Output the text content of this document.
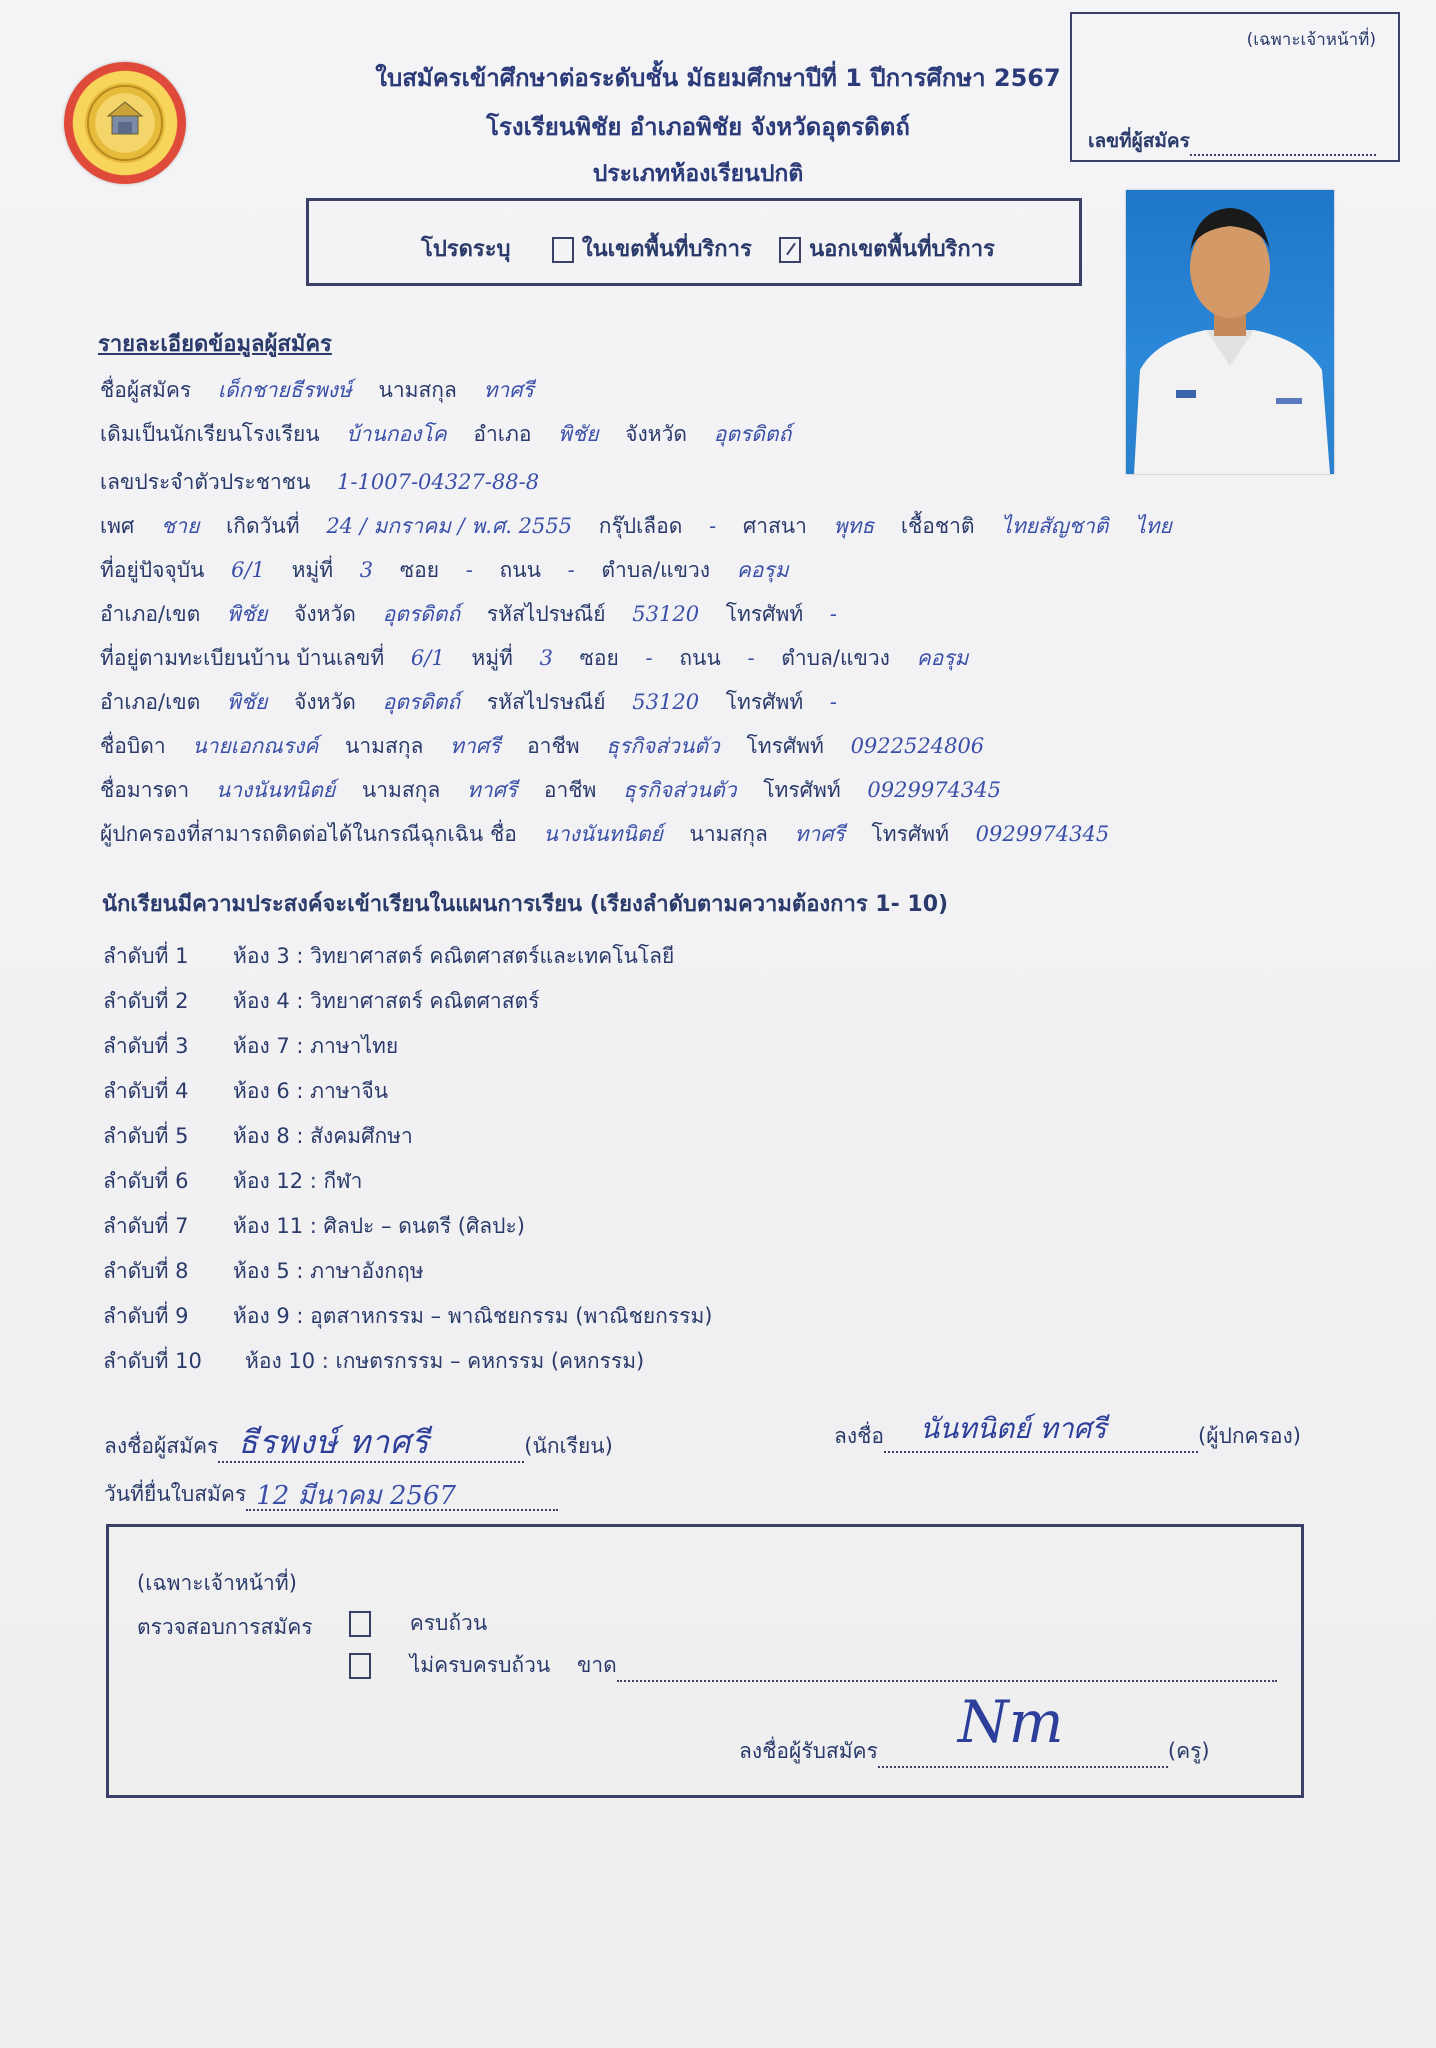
ใบสมัครเข้าศึกษาต่อระดับชั้น มัธยมศึกษาปีที่ 1 ปีการศึกษา 2567
โรงเรียนพิชัย อำเภอพิชัย จังหวัดอุตรดิตถ์
ประเภทห้องเรียนปกติ
(เฉพาะเจ้าหน้าที่)
เลขที่ผู้สมัคร
โปรดระบุ	ในเขตพื้นที่บริการ	นอกเขตพื้นที่บริการ
รายละเอียดข้อมูลผู้สมัคร
ชื่อผู้สมัคร เด็กชายธีรพงษ์ นามสกุล ทาศรี
เดิมเป็นนักเรียนโรงเรียน บ้านกองโค อำเภอ พิชัย จังหวัด อุตรดิตถ์
เลขประจำตัวประชาชน 1-1007-04327-88-8
เพศ ชาย เกิดวันที่ 24 / มกราคม / พ.ศ. 2555 กรุ๊ปเลือด - ศาสนา พุทธ เชื้อชาติ ไทยสัญชาติ ไทย
ที่อยู่ปัจจุบัน 6/1 หมู่ที่ 3 ซอย - ถนน - ตำบล/แขวง คอรุม
อำเภอ/เขต พิชัย จังหวัด อุตรดิตถ์ รหัสไปรษณีย์ 53120 โทรศัพท์ -
ที่อยู่ตามทะเบียนบ้าน บ้านเลขที่ 6/1 หมู่ที่ 3 ซอย - ถนน - ตำบล/แขวง คอรุม
อำเภอ/เขต พิชัย จังหวัด อุตรดิตถ์ รหัสไปรษณีย์ 53120 โทรศัพท์ -
ชื่อบิดา นายเอกณรงค์ นามสกุล ทาศรี อาชีพ ธุรกิจส่วนตัว โทรศัพท์ 0922524806
ชื่อมารดา นางนันทนิตย์ นามสกุล ทาศรี อาชีพ ธุรกิจส่วนตัว โทรศัพท์ 0929974345
ผู้ปกครองที่สามารถติดต่อได้ในกรณีฉุกเฉิน ชื่อ นางนันทนิตย์ นามสกุล ทาศรี โทรศัพท์ 0929974345
นักเรียนมีความประสงค์จะเข้าเรียนในแผนการเรียน (เรียงลำดับตามความต้องการ 1- 10)
ลำดับที่ 1 ห้อง 3 : วิทยาศาสตร์ คณิตศาสตร์และเทคโนโลยี
ลำดับที่ 2 ห้อง 4 : วิทยาศาสตร์ คณิตศาสตร์
ลำดับที่ 3 ห้อง 7 : ภาษาไทย
ลำดับที่ 4 ห้อง 6 : ภาษาจีน
ลำดับที่ 5 ห้อง 8 : สังคมศึกษา
ลำดับที่ 6 ห้อง 12 : กีฬา
ลำดับที่ 7 ห้อง 11 : ศิลปะ – ดนตรี (ศิลปะ)
ลำดับที่ 8 ห้อง 5 : ภาษาอังกฤษ
ลำดับที่ 9 ห้อง 9 : อุตสาหกรรม – พาณิชยกรรม (พาณิชยกรรม)
ลำดับที่ 10 ห้อง 10 : เกษตรกรรม – คหกรรม (คหกรรม)
ลงชื่อผู้สมัคร ธีรพงษ์ ทาศรี	(นักเรียน)	ลงชื่อ นันทนิตย์ ทาศรี	(ผู้ปกครอง)
วันที่ยื่นใบสมัคร 12 มีนาคม 2567
(เฉพาะเจ้าหน้าที่)
ตรวจสอบการสมัคร	ครบถ้วน
ไม่ครบครบถ้วน ขาด
ลงชื่อผู้รับสมัคร Nm	(ครู)
